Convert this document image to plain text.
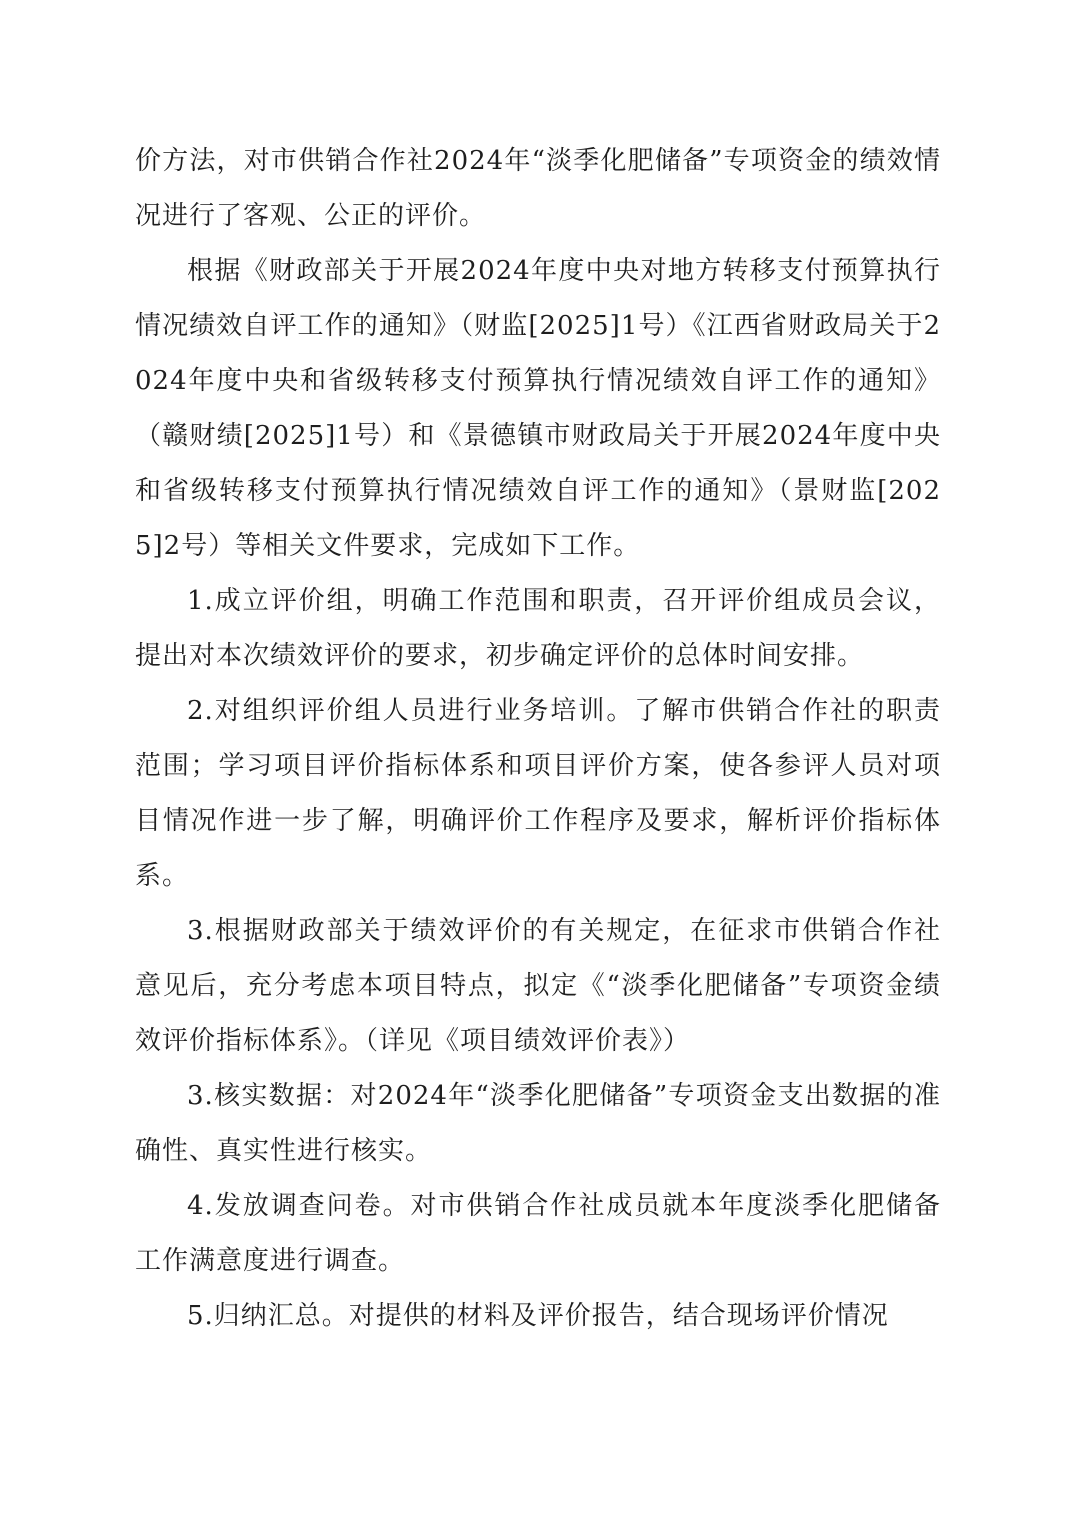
价方法，对市供销合作社2024年“淡季化肥储备”专项资金的绩效情况进行了客观、公正的评价。

根据《财政部关于开展2024年度中央对地方转移支付预算执行情况绩效自评工作的通知》（财监[2025]1号）《江西省财政局关于2024年度中央和省级转移支付预算执行情况绩效自评工作的通知》（赣财绩[2025]1号）和《景德镇市财政局关于开展2024年度中央和省级转移支付预算执行情况绩效自评工作的通知》（景财监[2025]2号）等相关文件要求，完成如下工作。

1.成立评价组，明确工作范围和职责，召开评价组成员会议，提出对本次绩效评价的要求，初步确定评价的总体时间安排。

2.对组织评价组人员进行业务培训。了解市供销合作社的职责范围；学习项目评价指标体系和项目评价方案，使各参评人员对项目情况作进一步了解，明确评价工作程序及要求，解析评价指标体系。

3.根据财政部关于绩效评价的有关规定，在征求市供销合作社意见后，充分考虑本项目特点，拟定《“淡季化肥储备”专项资金绩效评价指标体系》。（详见《项目绩效评价表》）

3.核实数据：对2024年“淡季化肥储备”专项资金支出数据的准确性、真实性进行核实。

4.发放调查问卷。对市供销合作社成员就本年度淡季化肥储备工作满意度进行调查。

5.归纳汇总。对提供的材料及评价报告，结合现场评价情况
